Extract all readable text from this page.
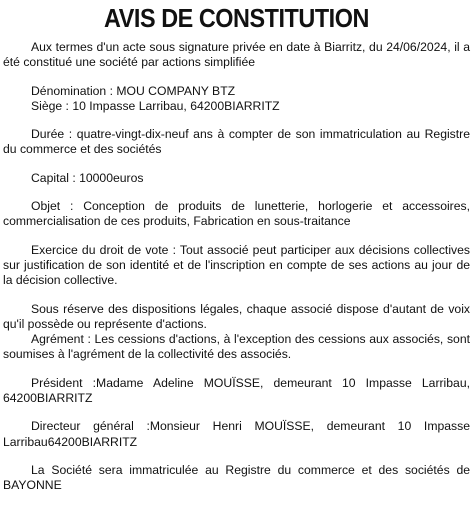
AVIS DE CONSTITUTION

Aux termes d'un acte sous signature privée en date à Biarritz, du 24/06/2024, il a été constitué une société par actions simplifiée

Dénomination : MOU COMPANY BTZ

Siège : 10 Impasse Larribau, 64200BIARRITZ

Durée : quatre-vingt-dix-neuf ans à compter de son immatriculation au Registre du commerce et des sociétés

Capital : 10000euros

Objet : Conception de produits de lunetterie, horlogerie et accessoires, commercialisation de ces produits, Fabrication en sous-traitance

Exercice du droit de vote : Tout associé peut participer aux décisions collectives sur justification de son identité et de l'inscription en compte de ses actions au jour de la décision collective.

Sous réserve des dispositions légales, chaque associé dispose d'autant de voix qu'il possède ou représente d'actions.

Agrément : Les cessions d'actions, à l'exception des cessions aux associés, sont soumises à l'agrément de la collectivité des associés.

Président :Madame Adeline MOUÏSSE, demeurant 10 Impasse Larribau, 64200BIARRITZ

Directeur général :Monsieur Henri MOUÏSSE, demeurant 10 Impasse Larribau64200BIARRITZ

La Société sera immatriculée au Registre du commerce et des sociétés de BAYONNE
